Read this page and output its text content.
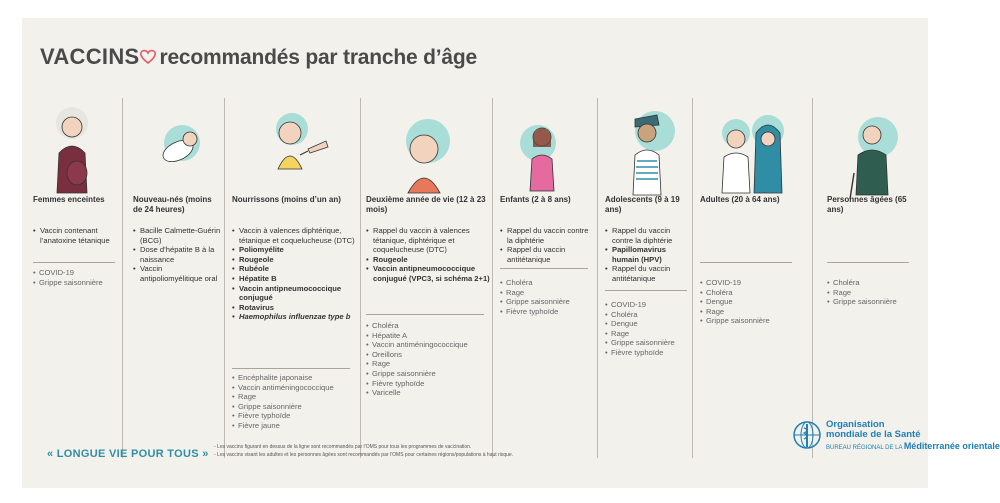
VACCINS recommandés par tranche d’âge
Femmes enceintes
• Vaccin contenant l’anatoxine tétanique
• COVID-19
• Grippe saisonnière
Nouveau-nés (moins de 24 heures)
• Bacille Calmette-Guérin (BCG)
• Dose d’hépatite B à la naissance
• Vaccin antipoliomyélitique oral
Nourrissons (moins d’un an)
• Vaccin à valences diphtérique, tétanique et coquelucheuse (DTC)
• Poliomyélite
• Rougeole
• Rubéole
• Hépatite B
• Vaccin antipneumococcique conjugué
• Rotavirus
• Haemophilus influenzae type b
• Encéphalite japonaise
• Vaccin antiméningococcique
• Rage
• Grippe saisonnière
• Fièvre typhoïde
• Fièvre jaune
Deuxième année de vie (12 à 23 mois)
• Rappel du vaccin à valences tétanique, diphtérique et coquelucheuse (DTC)
• Rougeole
• Vaccin antipneumococcique conjugué (VPC3, si schéma 2+1)
• Choléra
• Hépatite A
• Vaccin antiméningococcique
• Oreillons
• Rage
• Grippe saisonnière
• Fièvre typhoïde
• Varicelle
Enfants (2 à 8 ans)
• Rappel du vaccin contre la diphtérie
• Rappel du vaccin antitétanique
• Choléra
• Rage
• Grippe saisonnière
• Fièvre typhoïde
Adolescents (9 à 19 ans)
• Rappel du vaccin contre la diphtérie
• Papillomavirus humain (HPV)
• Rappel du vaccin antitétanique
• COVID-19
• Choléra
• Dengue
• Rage
• Grippe saisonnière
• Fièvre typhoïde
Adultes (20 à 64 ans)
• COVID-19
• Choléra
• Dengue
• Rage
• Grippe saisonnière
Personnes âgées (65 ans)
• Choléra
• Rage
• Grippe saisonnière
« LONGUE VIE POUR TOUS »
- Les vaccins figurant en dessus de la ligne sont recommandés par l’OMS pour tous les programmes de vaccination.
- Les vaccins visant les adultes et les personnes âgées sont recommandés par l’OMS pour certaines régions/populations à haut risque.
Organisation
mondiale de la Santé
BUREAU RÉGIONAL DE LA Méditerranée orientale
